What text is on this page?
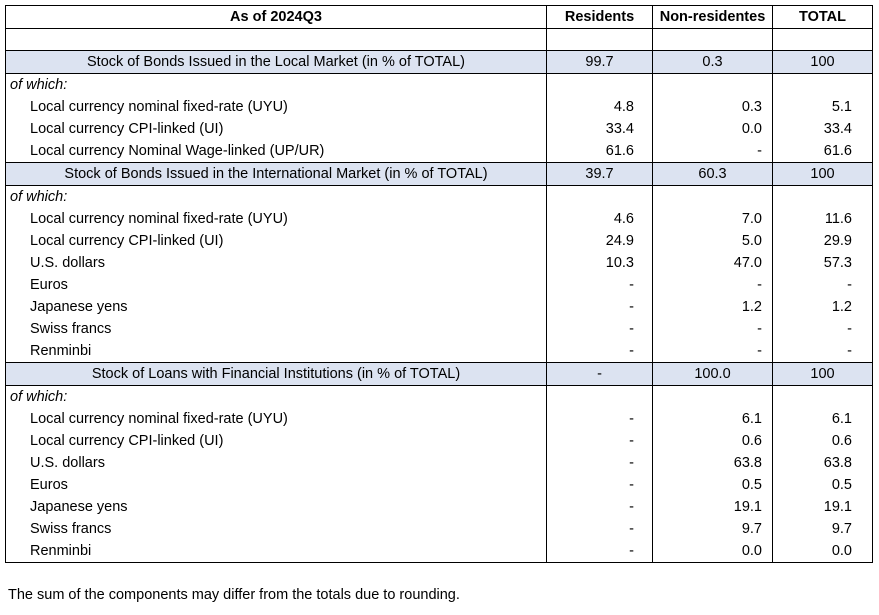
As of 2024Q3	Residents	Non-residentes	TOTAL

Stock of Bonds Issued in the Local Market (in % of TOTAL)	99.7	0.3	100
of which:			
Local currency nominal fixed-rate (UYU)	4.8	0.3	5.1
Local currency CPI-linked (UI)	33.4	0.0	33.4
Local currency Nominal Wage-linked (UP/UR)	61.6	-	61.6
Stock of Bonds Issued in the International Market (in % of TOTAL)	39.7	60.3	100
of which:			
Local currency nominal fixed-rate (UYU)	4.6	7.0	11.6
Local currency CPI-linked (UI)	24.9	5.0	29.9
U.S. dollars	10.3	47.0	57.3
Euros	-	-	-
Japanese yens	-	1.2	1.2
Swiss francs	-	-	-
Renminbi	-	-	-
Stock of Loans with Financial Institutions (in % of TOTAL)	-	100.0	100
of which:			
Local currency nominal fixed-rate (UYU)	-	6.1	6.1
Local currency CPI-linked (UI)	-	0.6	0.6
U.S. dollars	-	63.8	63.8
Euros	-	0.5	0.5
Japanese yens	-	19.1	19.1
Swiss francs	-	9.7	9.7
Renminbi	-	0.0	0.0
The sum of the components may differ from the totals due to rounding.
